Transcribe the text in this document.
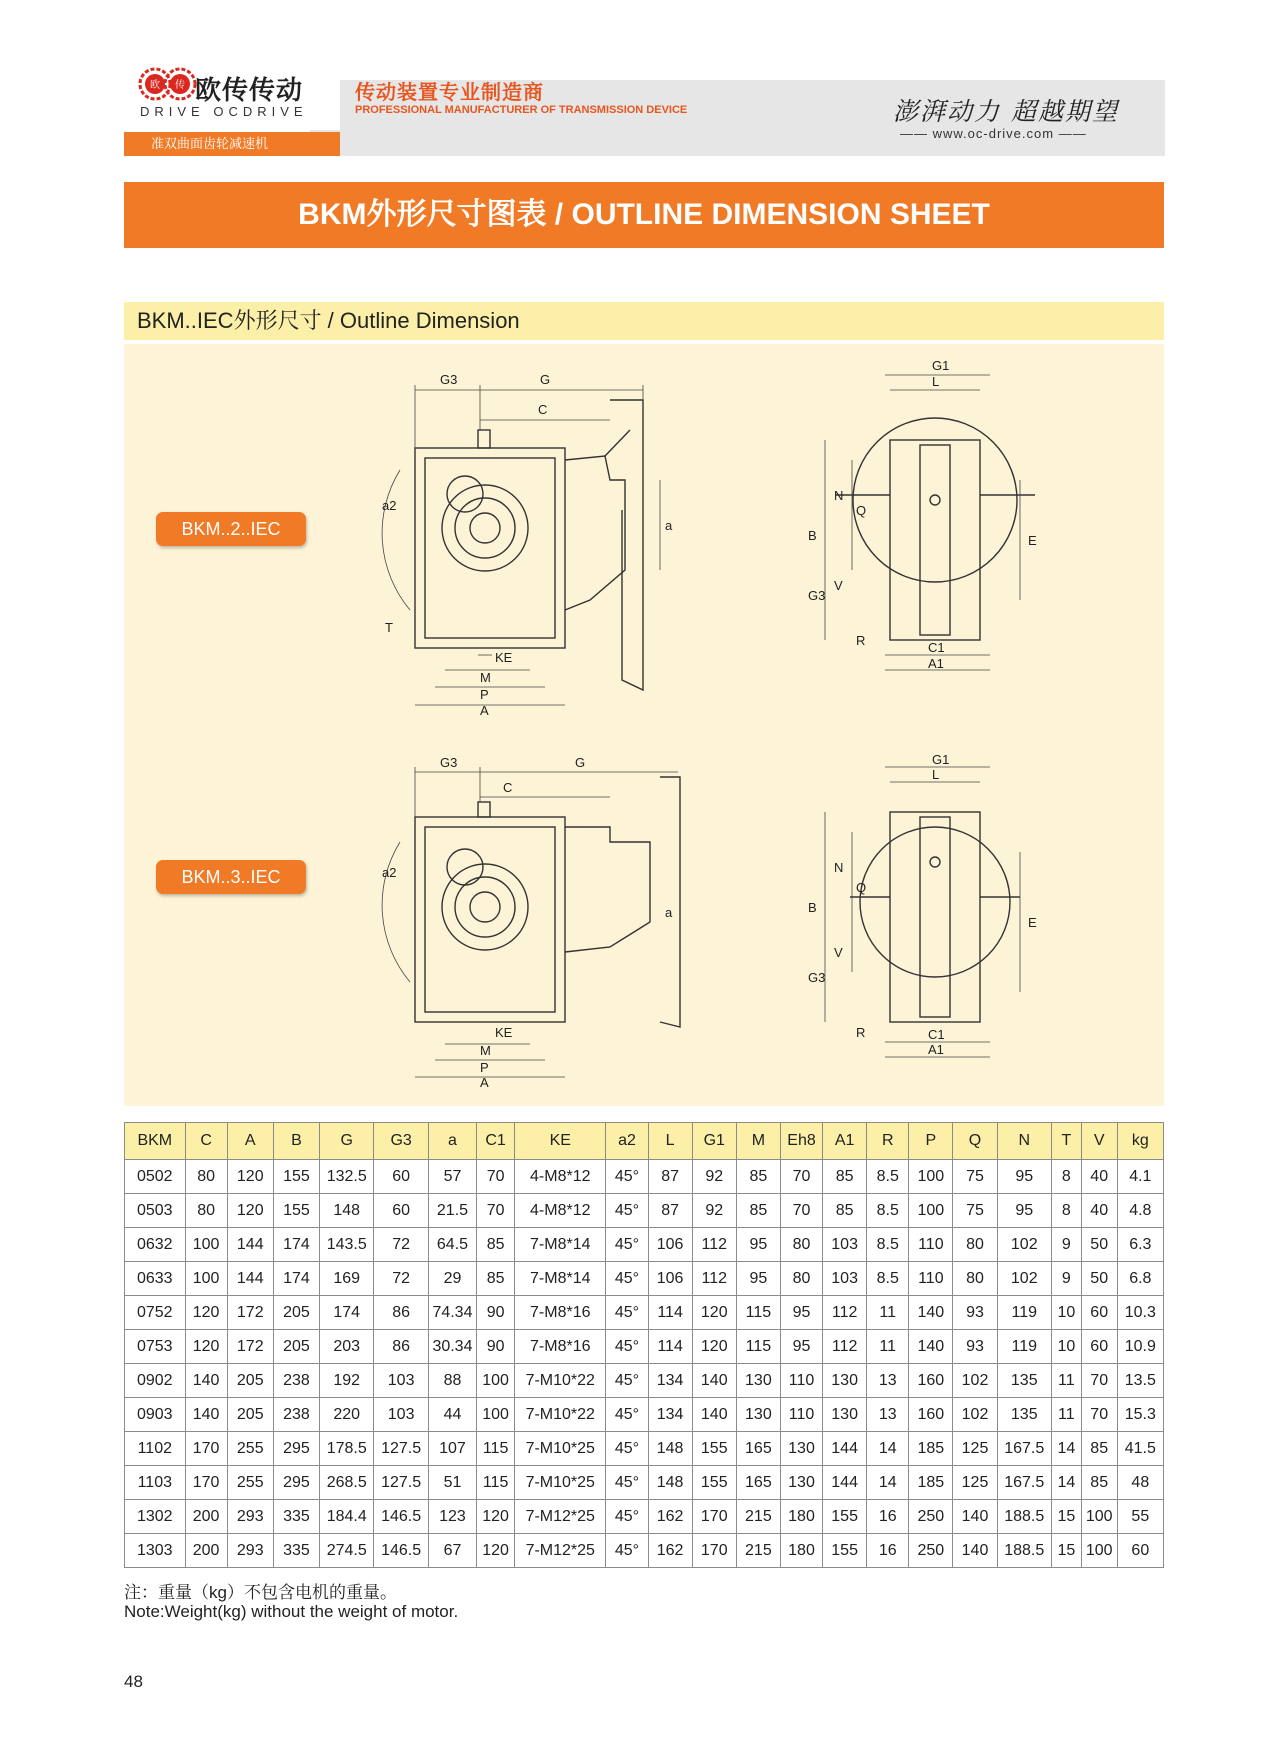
欧 传 欧传传动
DRIVE OCDRIVE
传动装置专业制造商
PROFESSIONAL MANUFACTURER OF TRANSMISSION DEVICE	澎湃动力 超越期望
—— www.oc-drive.com ——
准双曲面齿轮减速机
BKM外形尺寸图表 / OUTLINE DIMENSION SHEET
BKM..IEC外形尺寸 / Outline Dimension
BKM..2..IEC
BKM..3..IEC
G3	G
C
a2
a
T
KE
M
P
A
G1
L
B
N
Q
E
G3
V
R	C1
A1
G3	G
C
a2
a
KE
M
P
A
G1
L
B
N
Q
E
G3
V
R	C1
A1
BKM	C	A	B	G	G3	a	C1	KE	a2	L	G1	M	Eh8	A1	R	P	Q	N	T	V	kg
0502	80	120	155	132.5	60	57	70	4-M8*12	45°	87	92	85	70	85	8.5	100	75	95	8	40	4.1
0503	80	120	155	148	60	21.5	70	4-M8*12	45°	87	92	85	70	85	8.5	100	75	95	8	40	4.8
0632	100	144	174	143.5	72	64.5	85	7-M8*14	45°	106	112	95	80	103	8.5	110	80	102	9	50	6.3
0633	100	144	174	169	72	29	85	7-M8*14	45°	106	112	95	80	103	8.5	110	80	102	9	50	6.8
0752	120	172	205	174	86	74.34	90	7-M8*16	45°	114	120	115	95	112	11	140	93	119	10	60	10.3
0753	120	172	205	203	86	30.34	90	7-M8*16	45°	114	120	115	95	112	11	140	93	119	10	60	10.9
0902	140	205	238	192	103	88	100	7-M10*22	45°	134	140	130	110	130	13	160	102	135	11	70	13.5
0903	140	205	238	220	103	44	100	7-M10*22	45°	134	140	130	110	130	13	160	102	135	11	70	15.3
1102	170	255	295	178.5	127.5	107	115	7-M10*25	45°	148	155	165	130	144	14	185	125	167.5	14	85	41.5
1103	170	255	295	268.5	127.5	51	115	7-M10*25	45°	148	155	165	130	144	14	185	125	167.5	14	85	48
1302	200	293	335	184.4	146.5	123	120	7-M12*25	45°	162	170	215	180	155	16	250	140	188.5	15	100	55
1303	200	293	335	274.5	146.5	67	120	7-M12*25	45°	162	170	215	180	155	16	250	140	188.5	15	100	60
注：重量（kg）不包含电机的重量。
Note:Weight(kg) without the weight of motor.
48
